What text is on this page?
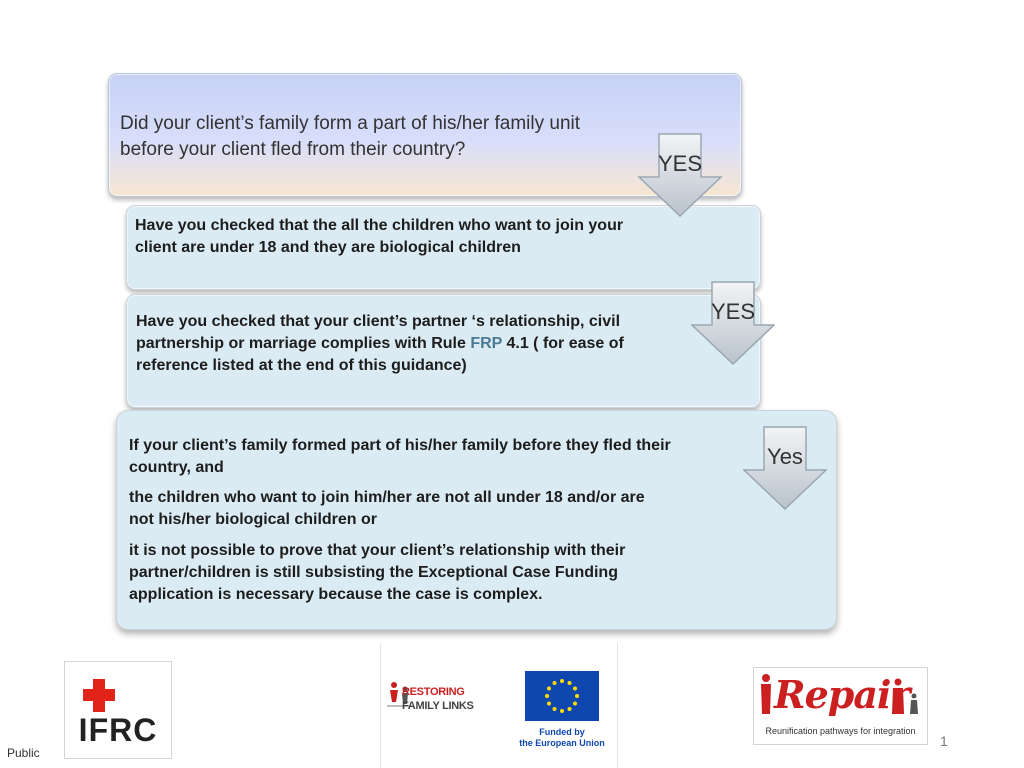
Did your client’s family form a part of his/her family unit before your client fled from their country?
Have you checked that the all the children who want to join your client are under 18 and they are biological children
Have you checked that your client’s partner ‘s relationship, civil partnership or marriage complies with Rule FRP 4.1 ( for ease of reference listed at the end of this guidance)
If your client’s family formed part of his/her family before they fled their country, and
the children who want to join him/her are not all under 18 and/or are not his/her biological children or
it is not possible to prove that your client’s relationship with their partner/children is still subsisting the Exceptional Case Funding application is necessary because the case is complex.
YES
YES
Yes
IFRC
RESTORING
FAMILY LINKS
Funded by
the European Union
Repair
Reunification pathways for integration
Public
1
